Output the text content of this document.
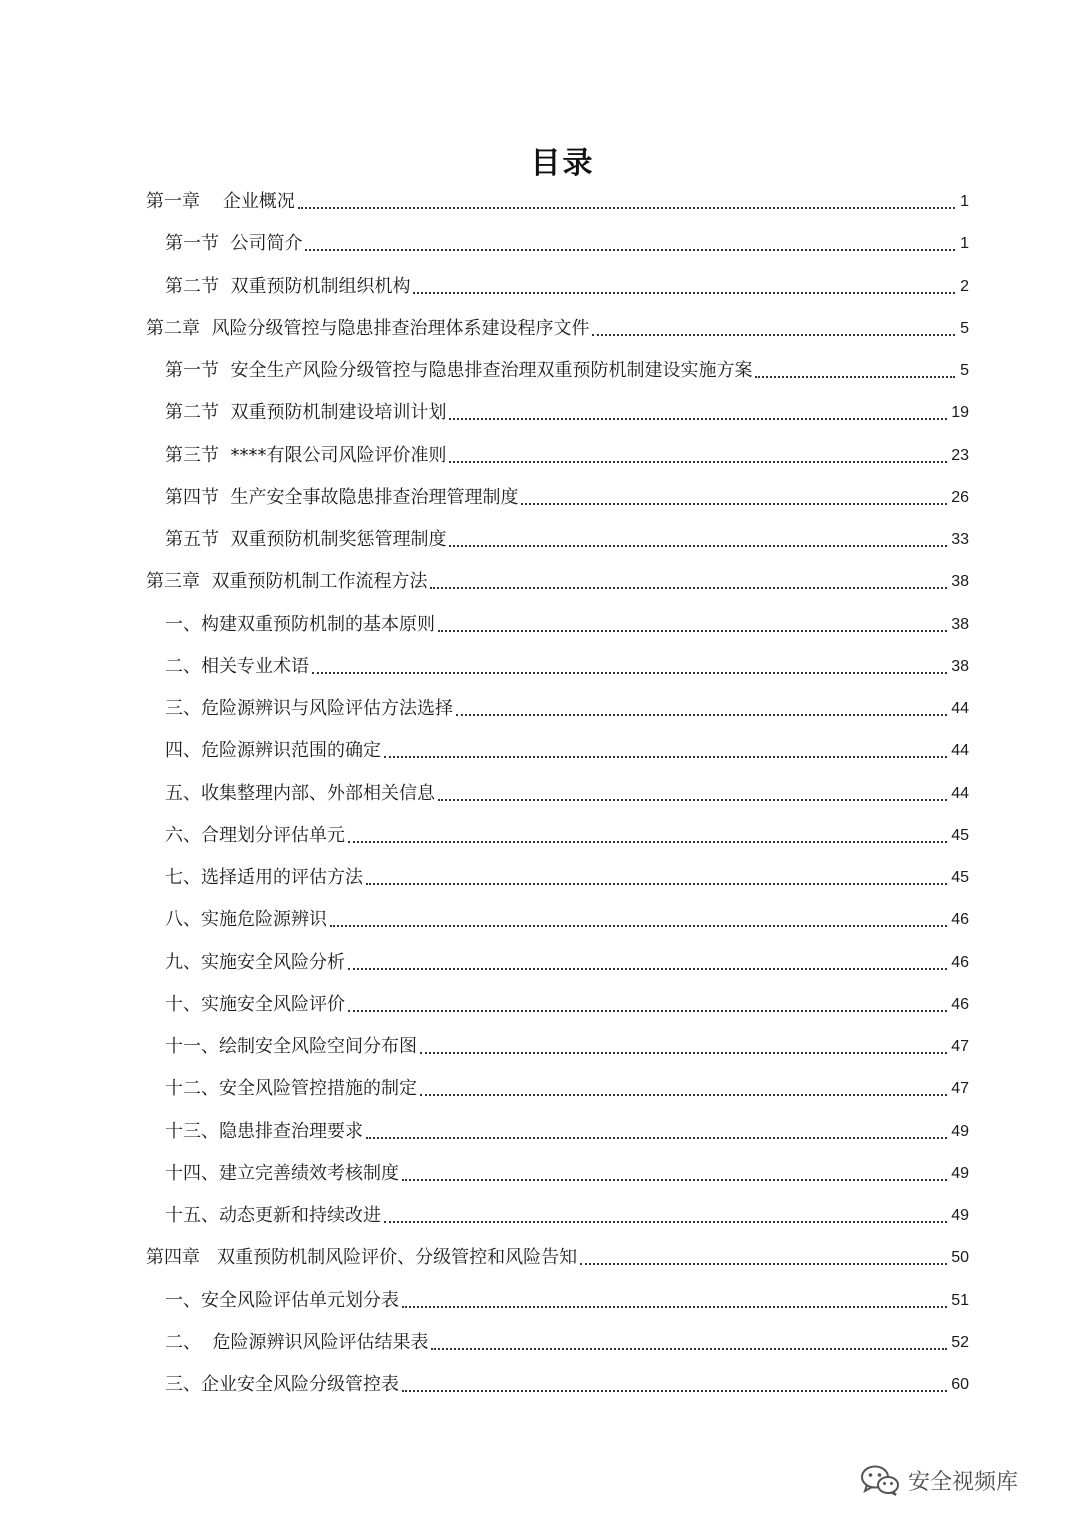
目录
第一章    企业概况	1
第一节  公司简介	1
第二节  双重预防机制组织机构	2
第二章  风险分级管控与隐患排查治理体系建设程序文件	5
第一节  安全生产风险分级管控与隐患排查治理双重预防机制建设实施方案	5
第二节  双重预防机制建设培训计划	19
第三节  ****有限公司风险评价准则	23
第四节  生产安全事故隐患排查治理管理制度	26
第五节  双重预防机制奖惩管理制度	33
第三章  双重预防机制工作流程方法	38
一、构建双重预防机制的基本原则	38
二、相关专业术语	38
三、危险源辨识与风险评估方法选择	44
四、危险源辨识范围的确定	44
五、收集整理内部、外部相关信息	44
六、合理划分评估单元	45
七、选择适用的评估方法	45
八、实施危险源辨识	46
九、实施安全风险分析	46
十、实施安全风险评价	46
十一、绘制安全风险空间分布图	47
十二、安全风险管控措施的制定	47
十三、隐患排查治理要求	49
十四、建立完善绩效考核制度	49
十五、动态更新和持续改进	49
第四章   双重预防机制风险评价、分级管控和风险告知	50
一、安全风险评估单元划分表	51
二、  危险源辨识风险评估结果表	52
三、企业安全风险分级管控表	60
安全视频库
